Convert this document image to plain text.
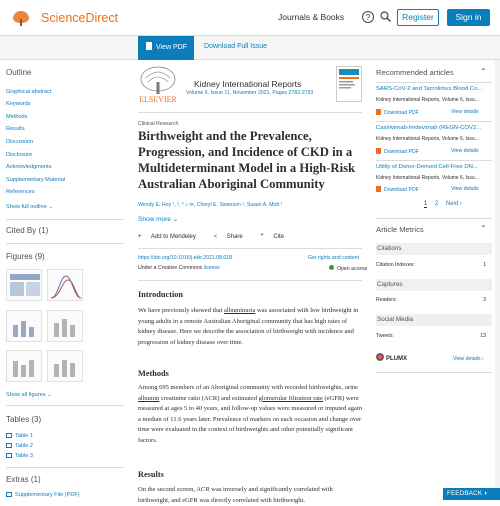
ScienceDirect	Journals & Books	?	Register	Sign in
View PDF	Download Full Issue
Outline
Graphical abstract
Keywords
Methods
Results
Discussion
Disclosure
Acknowledgments
Supplementary Material
References
Show full outline ⌄
Cited By (1)
Figures (9)
Show all figures ⌄
Tables (3)
Table 1
Table 2
Table 3
Extras (1)
Supplementary File (PDF)
ELSEVIER
Kidney International Reports
Volume 6, Issue 11, November 2021, Pages 2782-2793
Clinical Research
Birthweight and the Prevalence, Progression, and Incidence of CKD in a Multideterminant Model in a High-Risk Australian Aboriginal Community
Wendy E. Hoy ¹, ², ³ ⌂ ✉, Cheryl E. Swanson ¹, Susan A. Mott ¹
Show more ⌄
+ Add to Mendeley	< Share	❞ Cite
https://doi.org/10.1016/j.ekir.2021.08.018	Get rights and content
Under a Creative Commons license	Open access
Introduction

We have previously showed that albuminuria was associated with low birthweight in young adults in a remote Australian Aboriginal community that has high rates of kidney disease. Here we describe the association of birthweight with incidence and progression of kidney disease over time.

Methods

Among 695 members of an Aboriginal community with recorded birthweights, urine albumin creatinine ratio (ACR) and estimated glomerular filtration rate (eGFR) were measured at ages 5 to 40 years, and follow-up values were measured or imputed again a median of 11.6 years later. Prevalence of markers on each occasion and change over time were evaluated in the context of birthweights and other potentially significant factors.

Results

On the second screen, ACR was inversely and significantly correlated with birthweight, and eGFR was directly correlated with birthweight.

Recommended articles	⌃
SARS-CoV-2 and Tacrolimus Blood Co...
Kidney International Reports, Volume 6, Issu...
Download PDF	View details
Casirivimab-Imdevimab (REGN-COV2...
Kidney International Reports, Volume 6, Issu...
Download PDF	View details
Utility of Donor-Derived Cell-Free DN...
Kidney International Reports, Volume 6, Issu...
Download PDF	View details
1 2 Next ›
Article Metrics	⌃
Citations
Citation Indexes:	1
Captures
Readers:	3
Social Media
Tweets:	13
PLUMX	View details ›
FEEDBACK ◗
